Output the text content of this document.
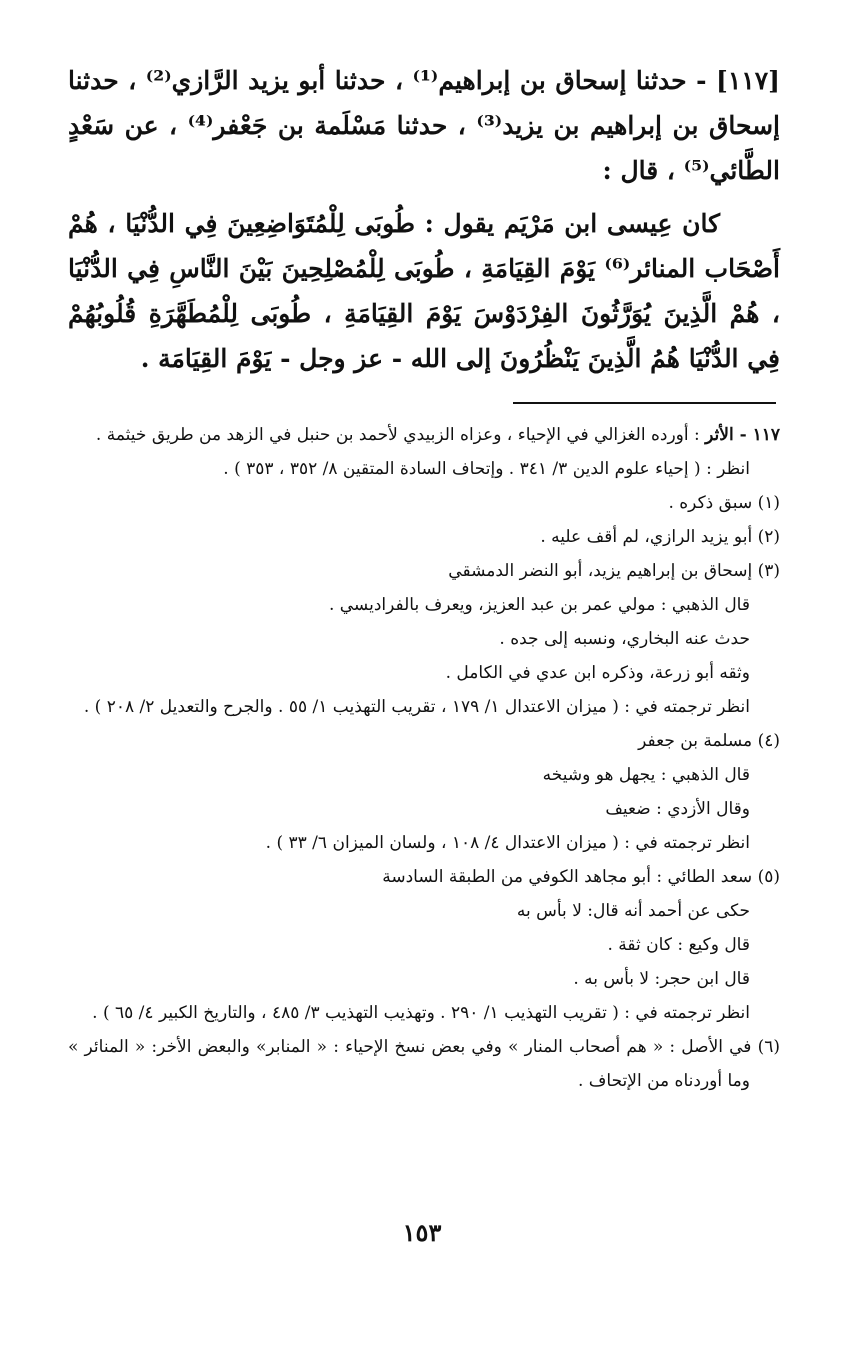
[١١٧] - حدثنا إسحاق بن إبراهيم⁽¹⁾ ، حدثنا أبو يزيد الرَّازي⁽²⁾ ، حدثنا إسحاق بن إبراهيم بن يزيد⁽³⁾ ، حدثنا مَسْلَمة بن جَعْفر⁽⁴⁾ ، عن سَعْدٍ الطَّائي⁽⁵⁾ ، قال :

كان عِيسى ابن مَرْيَم يقول : طُوبَى لِلْمُتَوَاضِعِينَ فِي الدُّنْيَا ، هُمْ أَصْحَاب المنائر⁽⁶⁾ يَوْمَ القِيَامَةِ ، طُوبَى لِلْمُصْلِحِينَ بَيْنَ النَّاسِ فِي الدُّنْيَا ، هُمْ الَّذِينَ يُوَرَّثُونَ الفِرْدَوْسَ يَوْمَ القِيَامَةِ ، طُوبَى لِلْمُطَهَّرَةِ قُلُوبُهُمْ فِي الدُّنْيَا هُمُ الَّذِينَ يَنْظُرُونَ إلى الله - عز وجل - يَوْمَ القِيَامَة .

١١٧ - الأثر : أورده الغزالي في الإحياء ، وعزاه الزبيدي لأحمد بن حنبل في الزهد من طريق خيثمة .

انظر : ( إحياء علوم الدين ٣/ ٣٤١ . وإتحاف السادة المتقين ٨/ ٣٥٢ ، ٣٥٣ ) .

(١) سبق ذكره .

(٢) أبو يزيد الرازي، لم أقف عليه .

(٣) إسحاق بن إبراهيم يزيد، أبو النضر الدمشقي

قال الذهبي : مولي عمر بن عبد العزيز، ويعرف بالفراديسي .

حدث عنه البخاري، ونسبه إلى جده .

وثقه أبو زرعة، وذكره ابن عدي في الكامل .

انظر ترجمته في : ( ميزان الاعتدال ١/ ١٧٩ ، تقريب التهذيب ١/ ٥٥ . والجرح والتعديل ٢/ ٢٠٨ ) .

(٤) مسلمة بن جعفر

قال الذهبي : يجهل هو وشيخه

وقال الأزدي : ضعيف

انظر ترجمته في : ( ميزان الاعتدال ٤/ ١٠٨ ، ولسان الميزان ٦/ ٣٣ ) .

(٥) سعد الطائي : أبو مجاهد الكوفي من الطبقة السادسة

حكى عن أحمد أنه قال: لا بأس به

قال وكيع : كان ثقة .

قال ابن حجر: لا بأس به .

انظر ترجمته في : ( تقريب التهذيب ١/ ٢٩٠ . وتهذيب التهذيب ٣/ ٤٨٥ ، والتاريخ الكبير ٤/ ٦٥ ) .

(٦) في الأصل : « هم أصحاب المنار » وفي بعض نسخ الإحياء : « المنابر» والبعض الأخر: « المنائر » وما أوردناه من الإتحاف .

١٥٣
